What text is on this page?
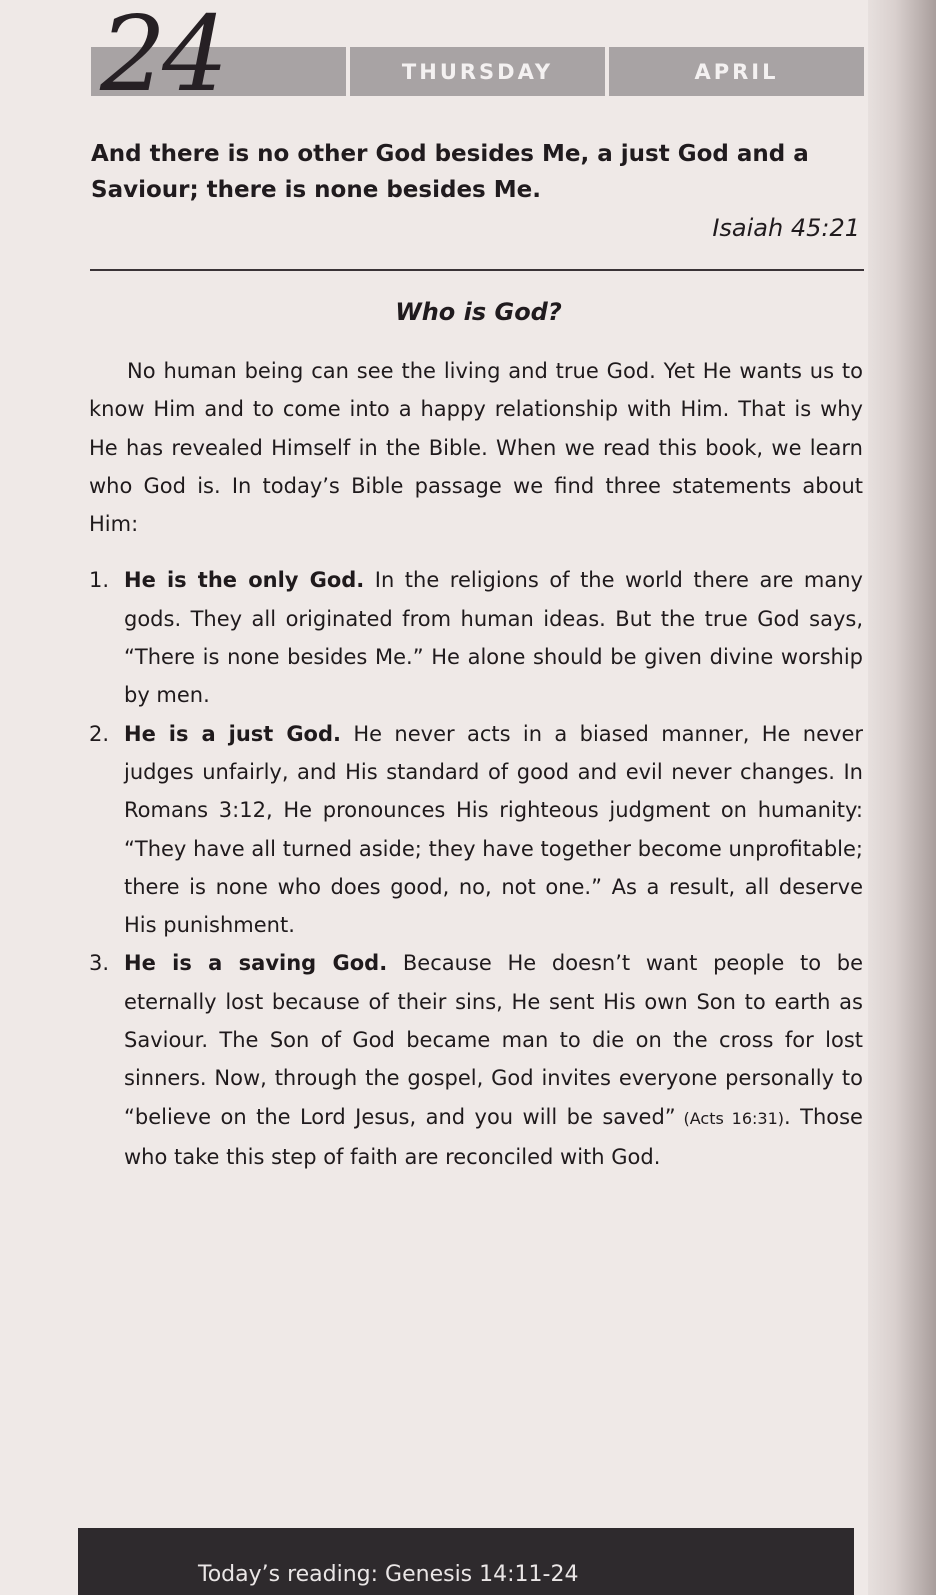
THURSDAY	APRIL
24
And there is no other God besides Me, a just God and a Saviour; there is none besides Me.
Isaiah 45:21
Who is God?

No human being can see the living and true God. Yet He wants us to know Him and to come into a happy relationship with Him. That is why He has revealed Himself in the Bible. When we read this book, we learn who God is. In today’s Bible passage we find three statements about Him:

1. He is the only God. In the religions of the world there are many gods. They all originated from human ideas. But the true God says, “There is none besides Me.” He alone should be given divine worship by men.
2. He is a just God. He never acts in a biased manner, He never judges unfairly, and His standard of good and evil never changes. In Romans 3:12, He pronounces His righteous judgment on humanity: “They have all turned aside; they have together become unprofitable; there is none who does good, no, not one.” As a result, all deserve His punishment.
3. He is a saving God. Because He doesn’t want people to be eternally lost because of their sins, He sent His own Son to earth as Saviour. The Son of God became man to die on the cross for lost sinners. Now, through the gospel, God invites everyone personally to “believe on the Lord Jesus, and you will be saved” (Acts 16:31). Those who take this step of faith are reconciled with God.
Today’s reading: Genesis 14:11-24
